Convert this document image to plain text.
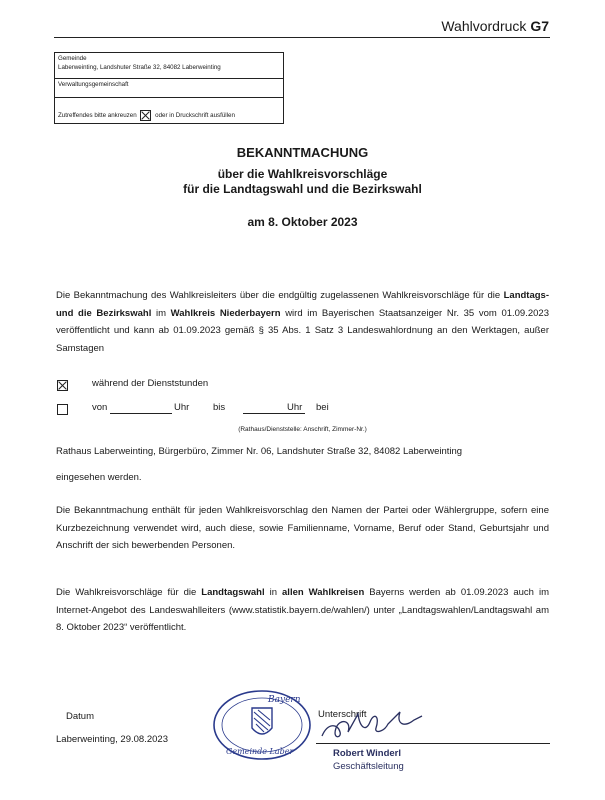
Wahlvordruck G7
Gemeinde
Laberweinting, Landshuter Straße 32, 84082 Laberweinting
Verwaltungsgemeinschaft
Zutreffendes bitte ankreuzen ☒ oder in Druckschrift ausfüllen
BEKANNTMACHUNG
über die Wahlkreisvorschläge
für die Landtagswahl und die Bezirkswahl
am 8. Oktober 2023
Die Bekanntmachung des Wahlkreisleiters über die endgültig zugelassenen Wahlkreisvorschläge für die Landtags- und die Bezirkswahl im Wahlkreis Niederbayern wird im Bayerischen Staatsanzeiger Nr. 35 vom 01.09.2023 veröffentlicht und kann ab 01.09.2023 gemäß § 35 Abs. 1 Satz 3 Landeswahlordnung an den Werktagen, außer Samstagen
während der Dienststunden
von	Uhr bis	Uhr bei
(Rathaus/Dienststelle: Anschrift, Zimmer-Nr.)
Rathaus Laberweinting, Bürgerbüro, Zimmer Nr. 06, Landshuter Straße 32, 84082 Laberweinting
eingesehen werden.
Die Bekanntmachung enthält für jeden Wahlkreisvorschlag den Namen der Partei oder Wählergruppe, sofern eine Kurzbezeichnung verwendet wird, auch diese, sowie Familienname, Vorname, Beruf oder Stand, Geburtsjahr und Anschrift der sich bewerbenden Personen.
Die Wahlkreisvorschläge für die Landtagswahl in allen Wahlkreisen Bayerns werden ab 01.09.2023 auch im Internet-Angebot des Landeswahlleiters (www.statistik.bayern.de/wahlen/) unter „Landtagswahlen/Landtagswahl am 8. Oktober 2023“ veröffentlicht.
Datum
Laberweinting, 29.08.2023
Bayern
Gemeinde Laber
Unterschrift
Robert Winderl
Geschäftsleitung
